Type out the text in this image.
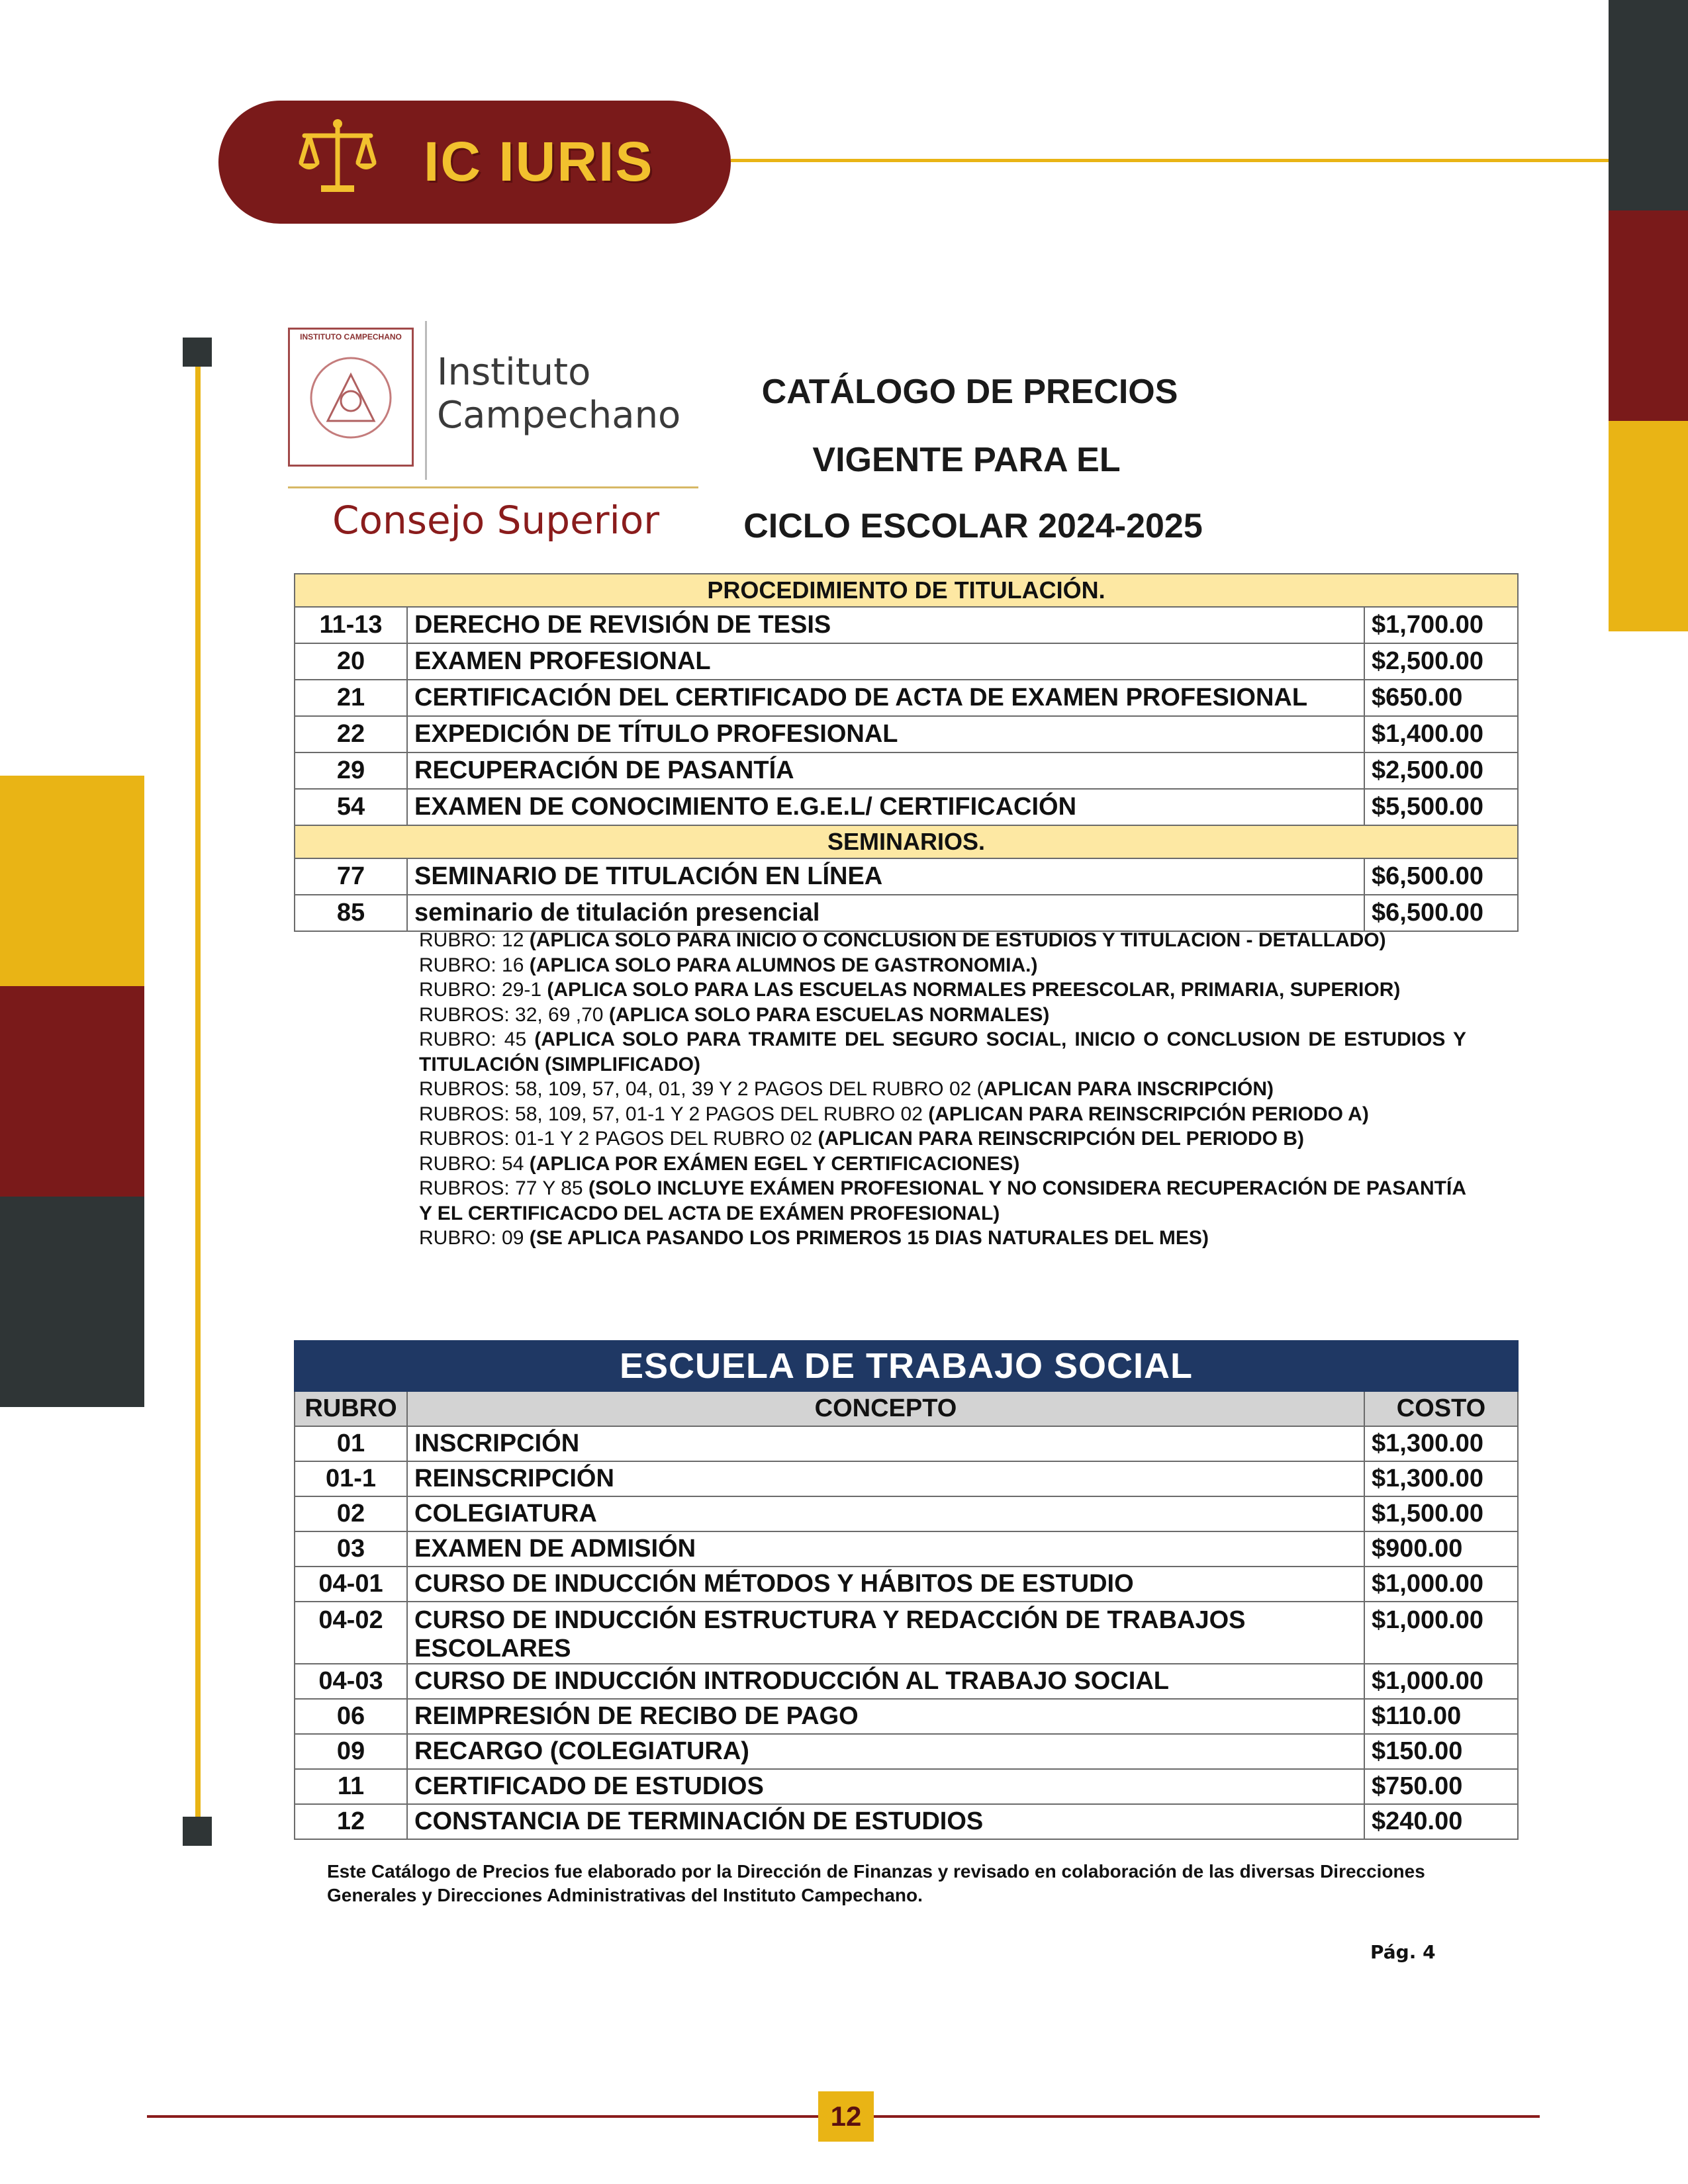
IC IURIS
INSTITUTO CAMPECHANO
Instituto
Campechano
Consejo Superior
CATÁLOGO DE PRECIOS
VIGENTE PARA EL
CICLO ESCOLAR 2024-2025
PROCEDIMIENTO DE TITULACIÓN.		
11-13	DERECHO DE REVISIÓN DE TESIS	$1,700.00
20	EXAMEN PROFESIONAL	$2,500.00
21	CERTIFICACIÓN DEL CERTIFICADO DE ACTA DE EXAMEN PROFESIONAL	$650.00
22	EXPEDICIÓN DE TÍTULO PROFESIONAL	$1,400.00
29	RECUPERACIÓN DE PASANTÍA	$2,500.00
54	EXAMEN DE CONOCIMIENTO E.G.E.L/ CERTIFICACIÓN	$5,500.00
SEMINARIOS.		
77	SEMINARIO DE TITULACIÓN EN LÍNEA	$6,500.00
85	seminario de titulación presencial	$6,500.00
RUBRO: 12 (APLICA SOLO PARA INICIO O CONCLUSION DE ESTUDIOS Y TITULACION - DETALLADO)
RUBRO: 16 (APLICA SOLO PARA ALUMNOS DE GASTRONOMIA.)
RUBRO: 29-1 (APLICA SOLO PARA LAS ESCUELAS NORMALES PREESCOLAR, PRIMARIA, SUPERIOR)
RUBROS: 32, 69 ,70 (APLICA SOLO PARA ESCUELAS NORMALES)
RUBRO: 45 (APLICA SOLO PARA TRAMITE DEL SEGURO SOCIAL, INICIO O CONCLUSION DE ESTUDIOS Y TITULACIÓN (SIMPLIFICADO)
RUBROS: 58, 109, 57, 04, 01, 39 Y 2 PAGOS DEL RUBRO 02 (APLICAN PARA INSCRIPCIÓN)
RUBROS: 58, 109, 57, 01-1 Y 2 PAGOS DEL RUBRO 02 (APLICAN PARA REINSCRIPCIÓN PERIODO A)
RUBROS: 01-1 Y 2 PAGOS DEL RUBRO 02 (APLICAN PARA REINSCRIPCIÓN DEL PERIODO B)
RUBRO: 54 (APLICA POR EXÁMEN EGEL Y CERTIFICACIONES)
RUBROS: 77 Y 85 (SOLO INCLUYE EXÁMEN PROFESIONAL Y NO CONSIDERA RECUPERACIÓN DE PASANTÍA Y EL CERTIFICACDO DEL ACTA DE EXÁMEN PROFESIONAL)
RUBRO: 09 (SE APLICA PASANDO LOS PRIMEROS 15 DIAS NATURALES DEL MES)
ESCUELA DE TRABAJO SOCIAL		
RUBRO	CONCEPTO	COSTO
01	INSCRIPCIÓN	$1,300.00
01-1	REINSCRIPCIÓN	$1,300.00
02	COLEGIATURA	$1,500.00
03	EXAMEN DE ADMISIÓN	$900.00
04-01	CURSO DE INDUCCIÓN MÉTODOS Y HÁBITOS DE ESTUDIO	$1,000.00
04-02	CURSO DE INDUCCIÓN ESTRUCTURA Y REDACCIÓN DE TRABAJOS ESCOLARES	$1,000.00
04-03	CURSO DE INDUCCIÓN INTRODUCCIÓN AL TRABAJO SOCIAL	$1,000.00
06	REIMPRESIÓN DE RECIBO DE PAGO	$110.00
09	RECARGO (COLEGIATURA)	$150.00
11	CERTIFICADO DE ESTUDIOS	$750.00
12	CONSTANCIA DE TERMINACIÓN DE ESTUDIOS	$240.00
Este Catálogo de Precios fue elaborado por la Dirección de Finanzas y revisado en colaboración de las diversas Direcciones Generales y Direcciones Administrativas del Instituto Campechano.
Pág. 4
12
